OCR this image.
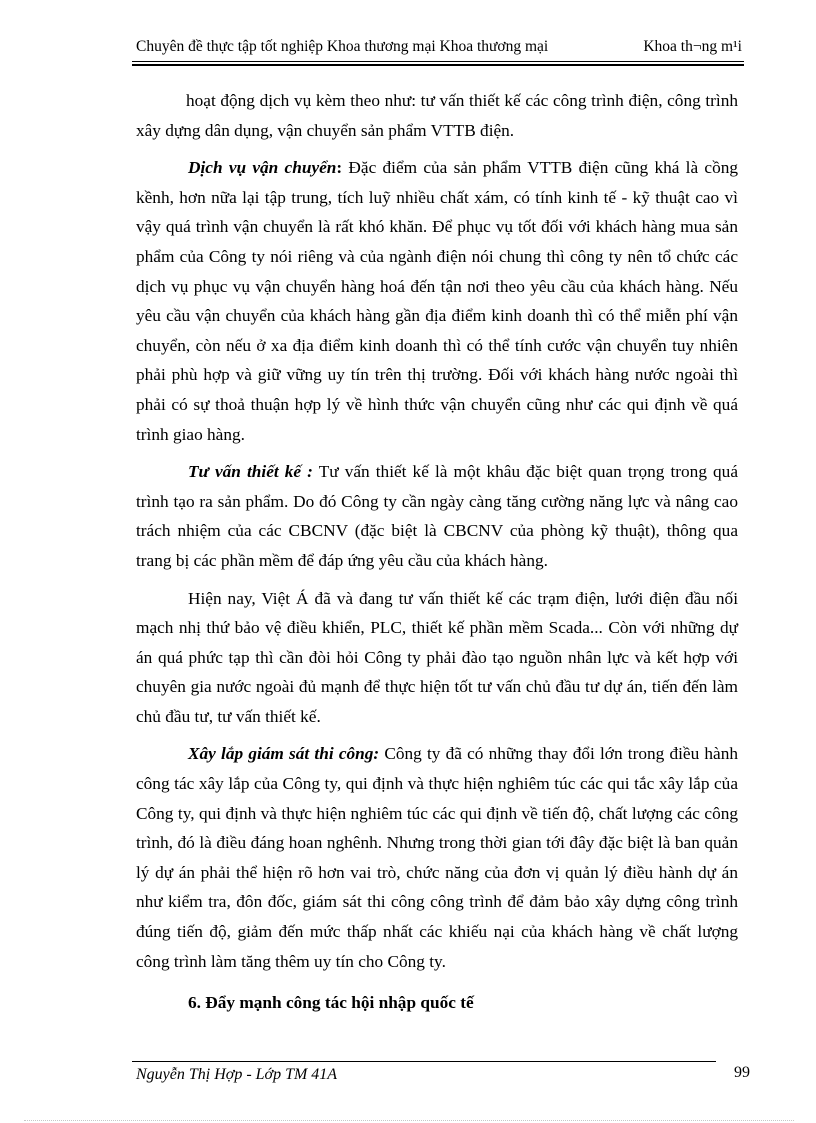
Chuyên đề thực tập tốt nghiệp Khoa thương mại Khoa thương mại	Khoa th¬ng m¹i

hoạt động dịch vụ kèm theo như: tư vấn thiết kế các công trình điện, công trình xây dựng dân dụng, vận chuyển sản phẩm VTTB điện.

Dịch vụ vận chuyển: Đặc điểm của sản phẩm VTTB điện cũng khá là cồng kềnh, hơn nữa lại tập trung, tích luỹ nhiều chất xám, có tính kinh tế - kỹ thuật cao vì vậy quá trình vận chuyển là rất khó khăn. Để phục vụ tốt đối với khách hàng mua sản phẩm của Công ty nói riêng và của ngành điện nói chung thì công ty nên tổ chức các dịch vụ phục vụ vận chuyển hàng hoá đến tận nơi theo yêu cầu của khách hàng. Nếu yêu cầu vận chuyển của khách hàng gần địa điểm kinh doanh thì có thể miễn phí vận chuyển, còn nếu ở xa địa điểm kinh doanh thì có thể tính cước vận chuyển tuy nhiên phải phù hợp và giữ vững uy tín trên thị trường. Đối với khách hàng nước ngoài thì phải có sự thoả thuận hợp lý về hình thức vận chuyển cũng như các qui định về quá trình giao hàng.

Tư vấn thiết kế : Tư vấn thiết kế là một khâu đặc biệt quan trọng trong quá trình tạo ra sản phẩm. Do đó Công ty cần ngày càng tăng cường năng lực và nâng cao trách nhiệm của các CBCNV (đặc biệt là CBCNV của phòng kỹ thuật), thông qua trang bị các phần mềm để đáp ứng yêu cầu của khách hàng.

Hiện nay, Việt Á đã và đang tư vấn thiết kế các trạm điện, lưới điện đầu nối mạch nhị thứ bảo vệ điều khiển, PLC, thiết kế phần mềm Scada... Còn với những dự án quá phức tạp thì cần đòi hỏi Công ty phải đào tạo nguồn nhân lực và kết hợp với chuyên gia nước ngoài đủ mạnh để thực hiện tốt tư vấn chủ đầu tư dự án, tiến đến làm chủ đầu tư, tư vấn thiết kế.

Xây lắp giám sát thi công: Công ty đã có những thay đổi lớn trong điều hành công tác xây lắp của Công ty, qui định và thực hiện nghiêm túc các qui tắc xây lắp của Công ty, qui định và thực hiện nghiêm túc các qui định về tiến độ, chất lượng các công trình, đó là điều đáng hoan nghênh. Nhưng trong thời gian tới đây đặc biệt là ban quản lý dự án phải thể hiện rõ hơn vai trò, chức năng của đơn vị quản lý điều hành dự án như kiểm tra, đôn đốc, giám sát thi công công trình để đảm bảo xây dựng công trình đúng tiến độ, giảm đến mức thấp nhất các khiếu nại của khách hàng về chất lượng công trình làm tăng thêm uy tín cho Công ty.

6. Đẩy mạnh công tác hội nhập quốc tế

Nguyễn Thị Hợp - Lớp TM 41A	99
